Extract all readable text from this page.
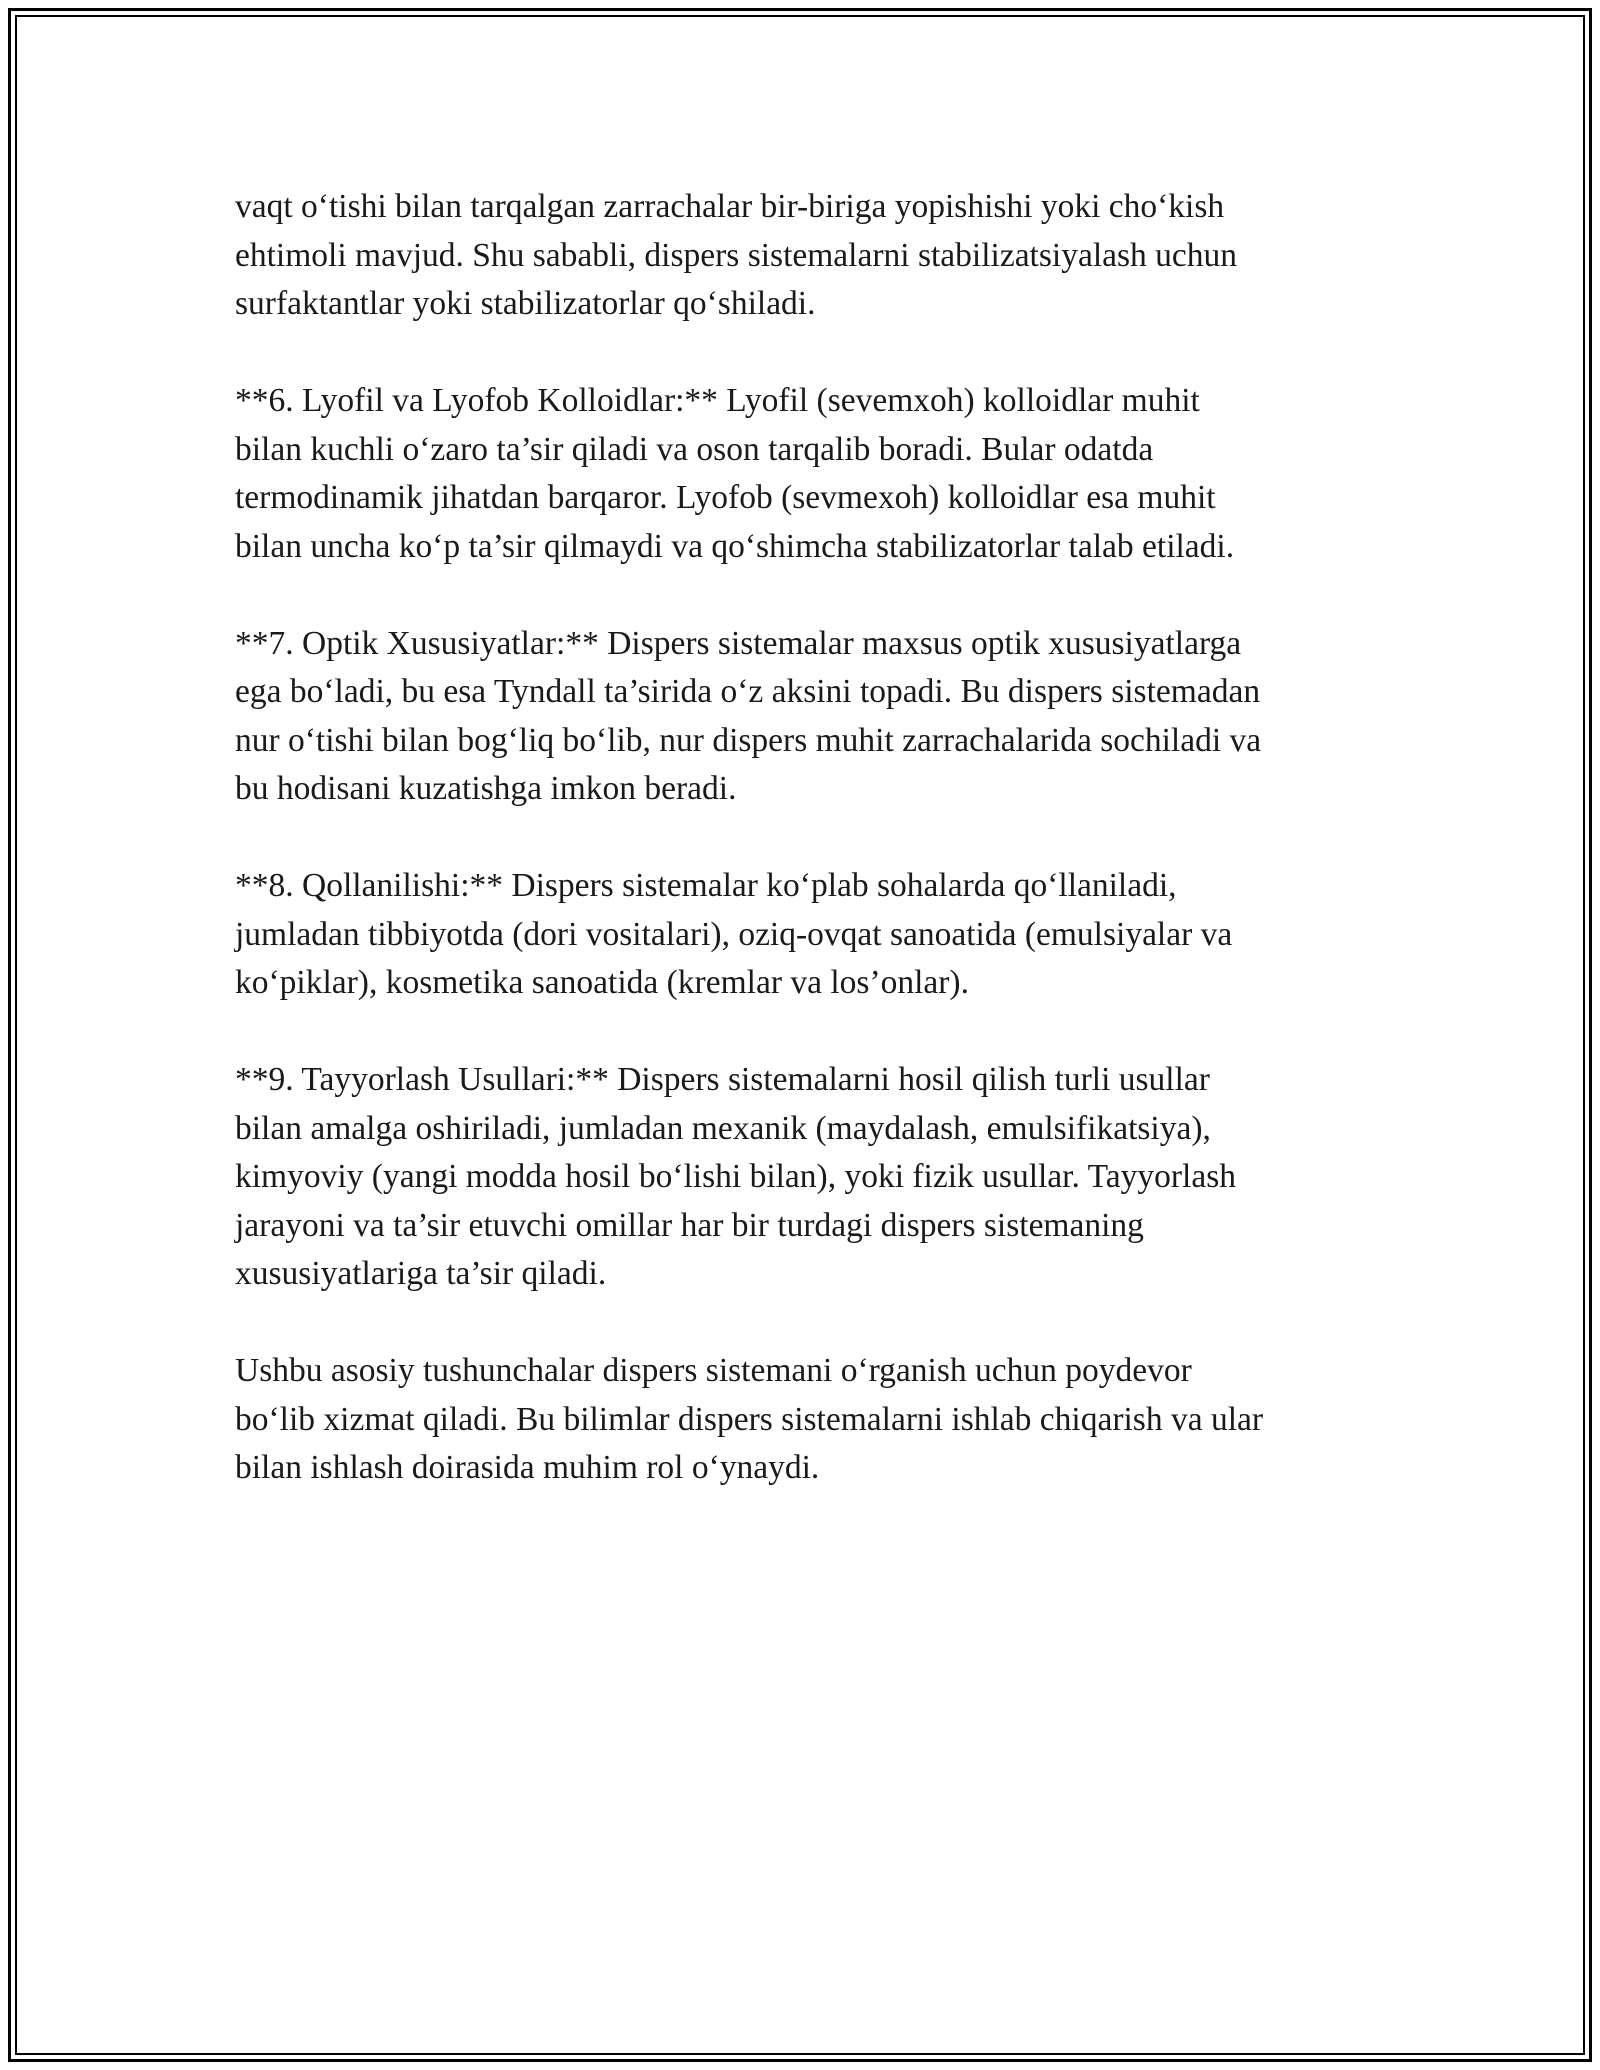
vaqt o‘tishi bilan tarqalgan zarrachalar bir-biriga yopishishi yoki cho‘kish
ehtimoli mavjud. Shu sababli, dispers sistemalarni stabilizatsiyalash uchun
surfaktantlar yoki stabilizatorlar qo‘shiladi.

**6. Lyofil va Lyofob Kolloidlar:** Lyofil (sevemxoh) kolloidlar muhit
bilan kuchli o‘zaro ta’sir qiladi va oson tarqalib boradi. Bular odatda
termodinamik jihatdan barqaror. Lyofob (sevmexoh) kolloidlar esa muhit
bilan uncha ko‘p ta’sir qilmaydi va qo‘shimcha stabilizatorlar talab etiladi.

**7. Optik Xususiyatlar:** Dispers sistemalar maxsus optik xususiyatlarga
ega bo‘ladi, bu esa Tyndall ta’sirida o‘z aksini topadi. Bu dispers sistemadan
nur o‘tishi bilan bog‘liq bo‘lib, nur dispers muhit zarrachalarida sochiladi va
bu hodisani kuzatishga imkon beradi.

**8. Qollanilishi:** Dispers sistemalar ko‘plab sohalarda qo‘llaniladi,
jumladan tibbiyotda (dori vositalari), oziq-ovqat sanoatida (emulsiyalar va
ko‘piklar), kosmetika sanoatida (kremlar va los’onlar).

**9. Tayyorlash Usullari:** Dispers sistemalarni hosil qilish turli usullar
bilan amalga oshiriladi, jumladan mexanik (maydalash, emulsifikatsiya),
kimyoviy (yangi modda hosil bo‘lishi bilan), yoki fizik usullar. Tayyorlash
jarayoni va ta’sir etuvchi omillar har bir turdagi dispers sistemaning
xususiyatlariga ta’sir qiladi.

Ushbu asosiy tushunchalar dispers sistemani o‘rganish uchun poydevor
bo‘lib xizmat qiladi. Bu bilimlar dispers sistemalarni ishlab chiqarish va ular
bilan ishlash doirasida muhim rol o‘ynaydi.
